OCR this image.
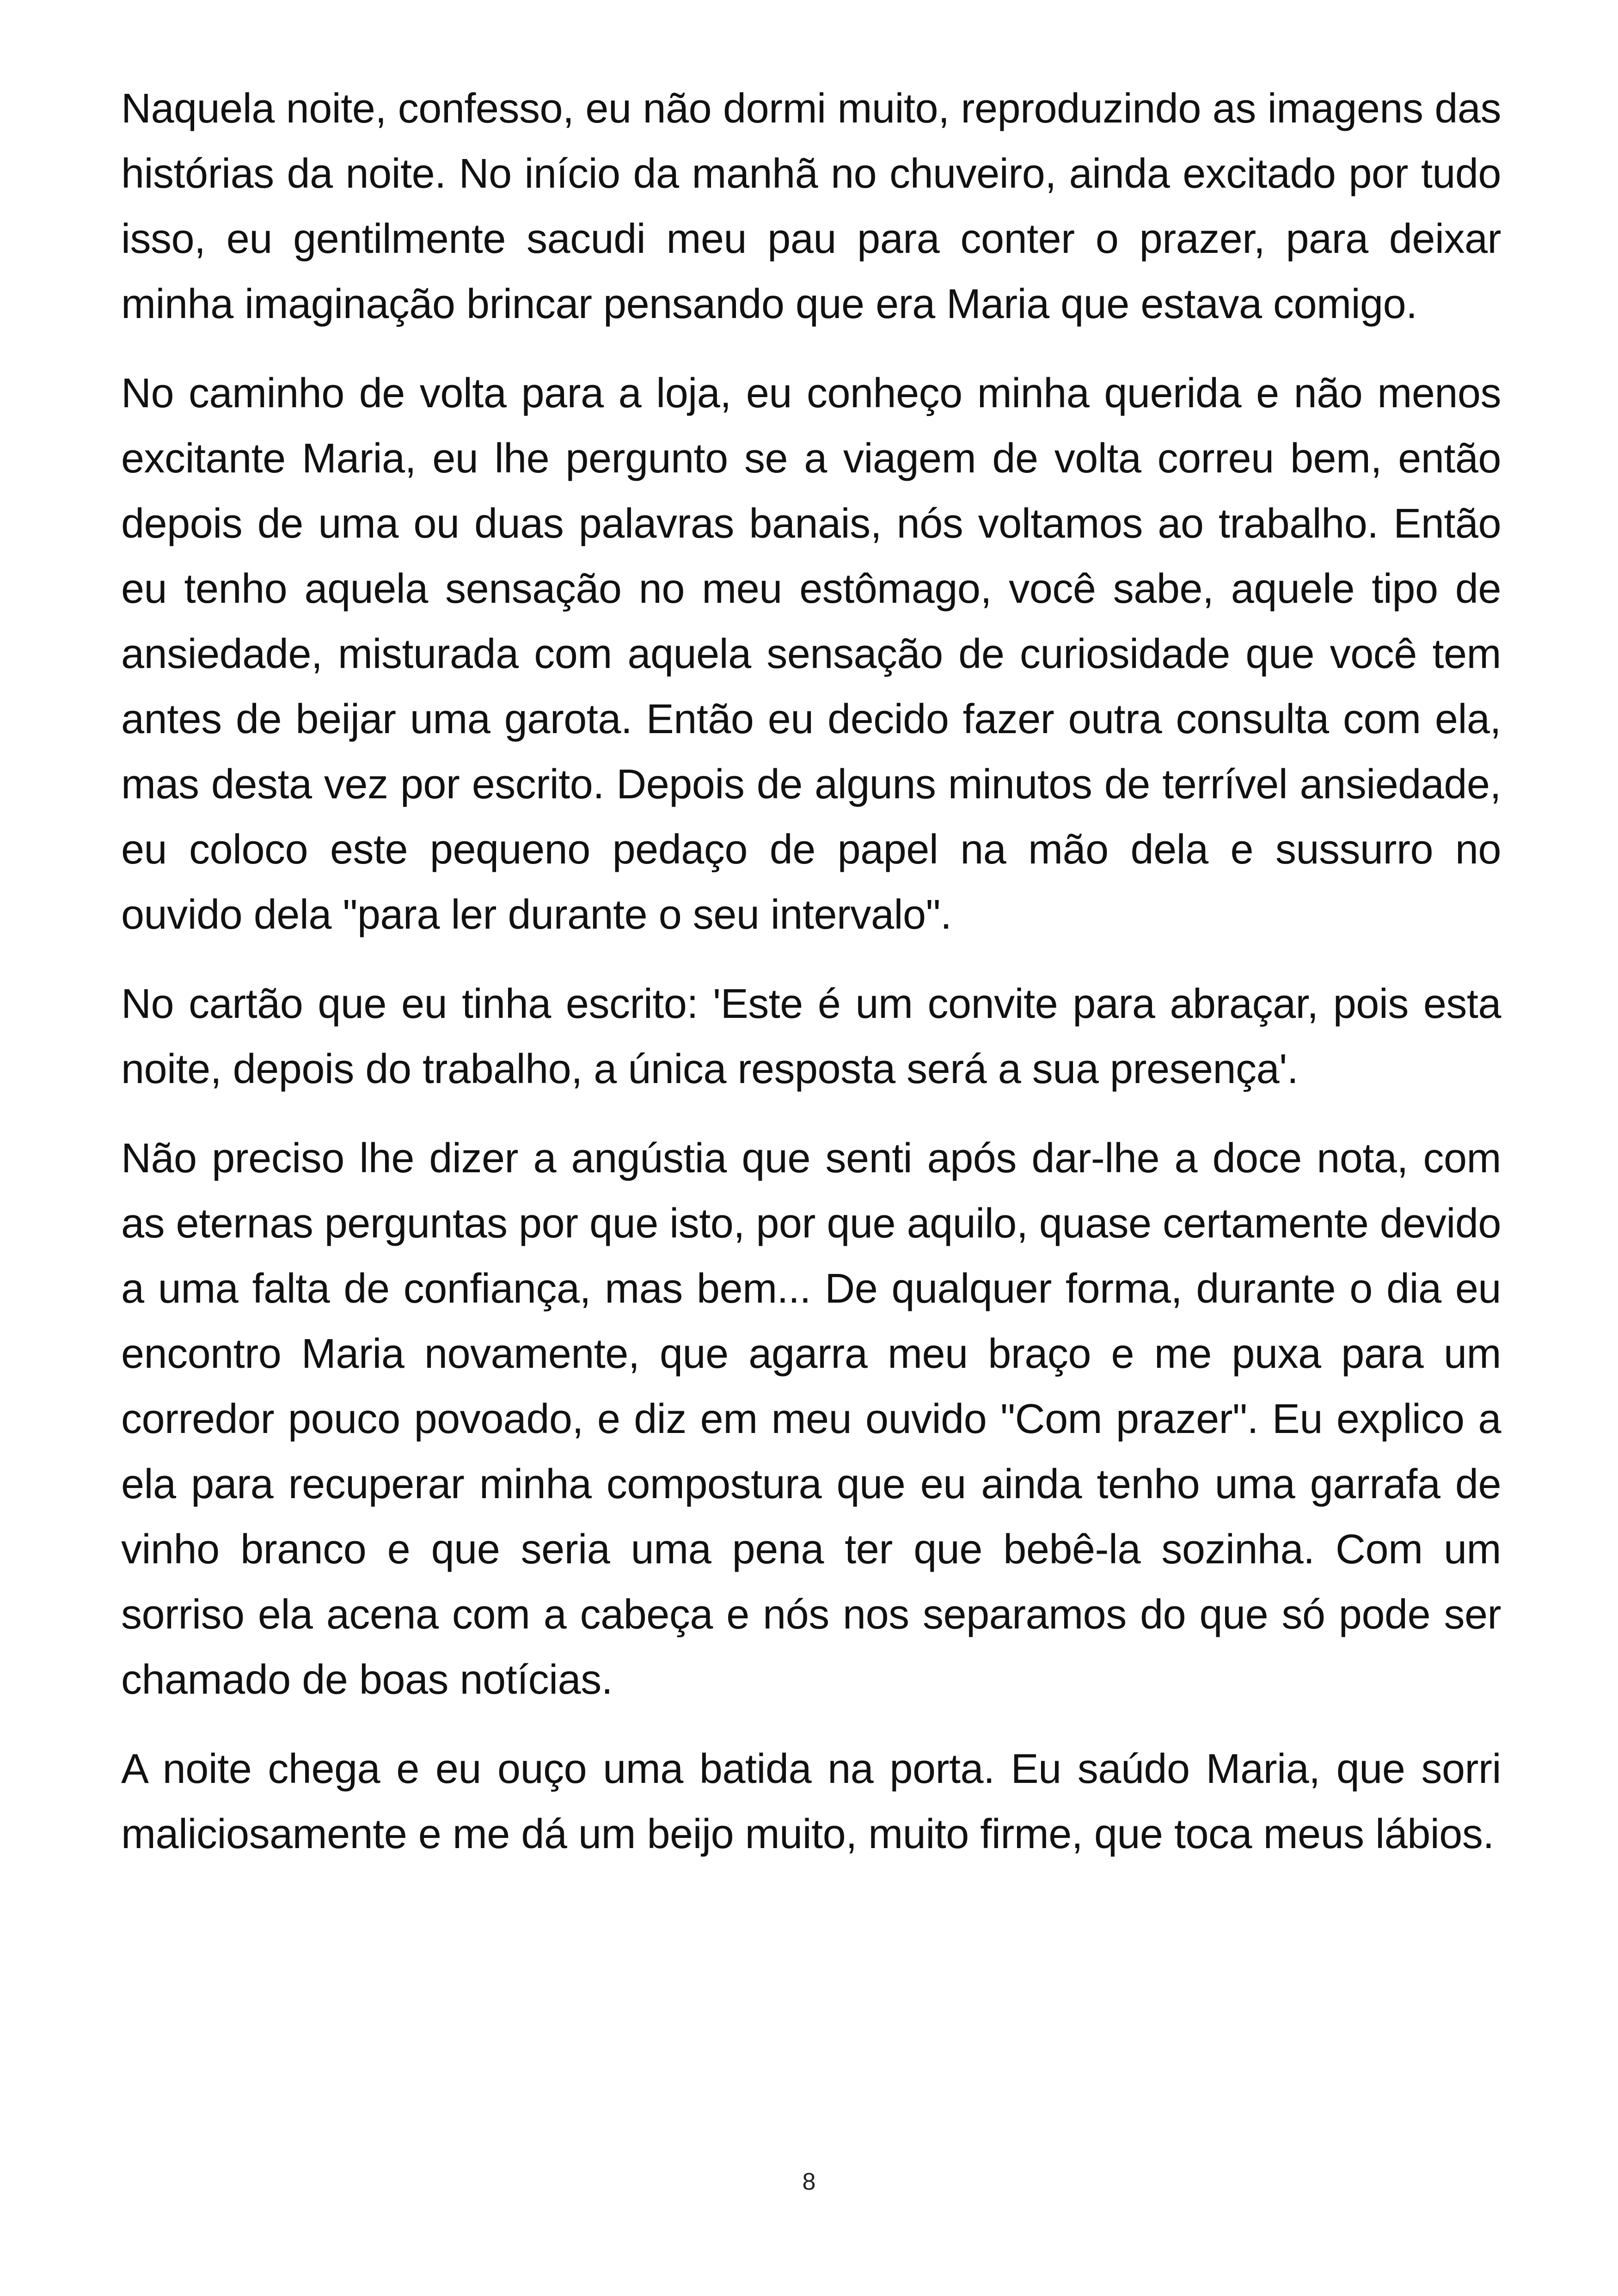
Naquela noite, confesso, eu não dormi muito, reproduzindo as imagens das histórias da noite. No início da manhã no chuveiro, ainda excitado por tudo isso, eu gentilmente sacudi meu pau para conter o prazer, para deixar minha imaginação brincar pensando que era Maria que estava comigo.

No caminho de volta para a loja, eu conheço minha querida e não menos excitante Maria, eu lhe pergunto se a viagem de volta correu bem, então depois de uma ou duas palavras banais, nós voltamos ao trabalho. Então eu tenho aquela sensação no meu estômago, você sabe, aquele tipo de ansiedade, misturada com aquela sensação de curiosidade que você tem antes de beijar uma garota. Então eu decido fazer outra consulta com ela, mas desta vez por escrito. Depois de alguns minutos de terrível ansiedade, eu coloco este pequeno pedaço de papel na mão dela e sussurro no ouvido dela "para ler durante o seu intervalo".

No cartão que eu tinha escrito: 'Este é um convite para abraçar, pois esta noite, depois do trabalho, a única resposta será a sua presença'.

Não preciso lhe dizer a angústia que senti após dar-lhe a doce nota, com as eternas perguntas por que isto, por que aquilo, quase certamente devido a uma falta de confiança, mas bem... De qualquer forma, durante o dia eu encontro Maria novamente, que agarra meu braço e me puxa para um corredor pouco povoado, e diz em meu ouvido "Com prazer". Eu explico a ela para recuperar minha compostura que eu ainda tenho uma garrafa de vinho branco e que seria uma pena ter que bebê-la sozinha. Com um sorriso ela acena com a cabeça e nós nos separamos do que só pode ser chamado de boas notícias.

A noite chega e eu ouço uma batida na porta. Eu saúdo Maria, que sorri maliciosamente e me dá um beijo muito, muito firme, que toca meus lábios.

8
